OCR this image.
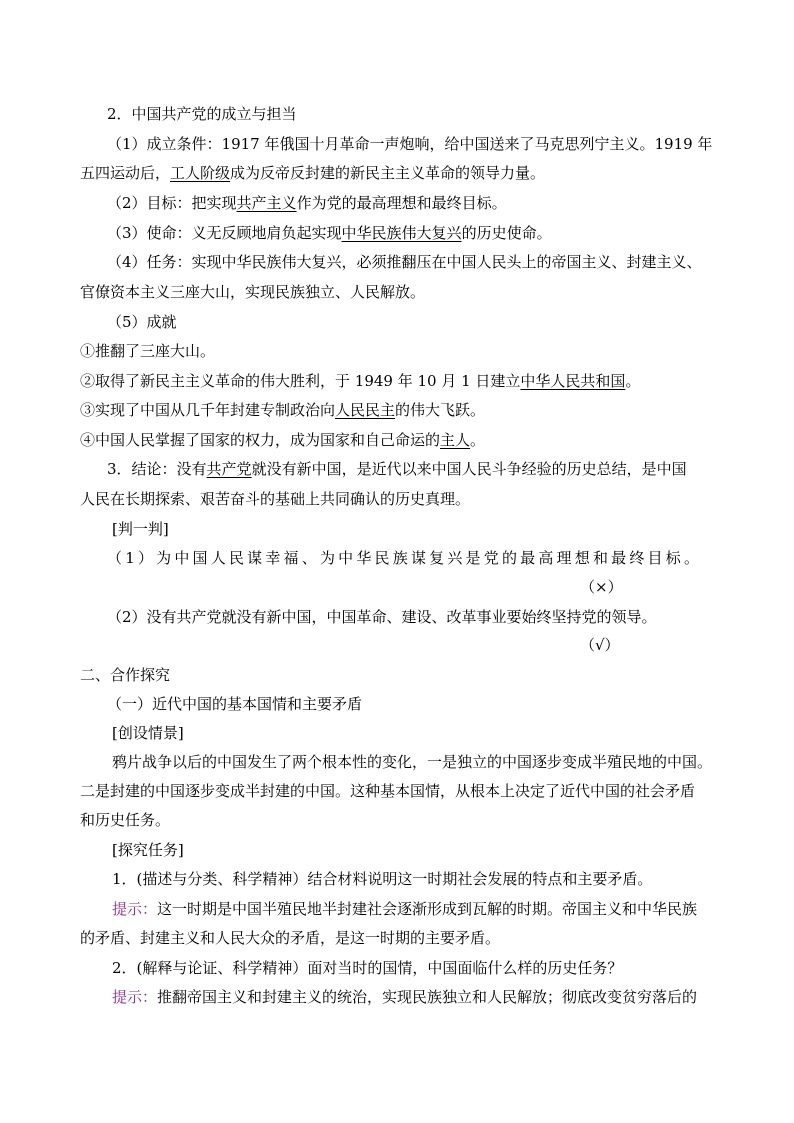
2．中国共产党的成立与担当
（1）成立条件：1917 年俄国十月革命一声炮响，给中国送来了马克思列宁主义。1919 年
五四运动后，工人阶级成为反帝反封建的新民主主义革命的领导力量。
（2）目标：把实现共产主义作为党的最高理想和最终目标。
（3）使命：义无反顾地肩负起实现中华民族伟大复兴的历史使命。
（4）任务：实现中华民族伟大复兴，必须推翻压在中国人民头上的帝国主义、封建主义、
官僚资本主义三座大山，实现民族独立、人民解放。
（5）成就
①推翻了三座大山。
②取得了新民主主义革命的伟大胜利，于 1949 年 10 月 1 日建立中华人民共和国。
③实现了中国从几千年封建专制政治向人民民主的伟大飞跃。
④中国人民掌握了国家的权力，成为国家和自己命运的主人。
3．结论：没有共产党就没有新中国，是近代以来中国人民斗争经验的历史总结，是中国
人民在长期探索、艰苦奋斗的基础上共同确认的历史真理。
[判一判]
（1）为中国人民谋幸福、为中华民族谋复兴是党的最高理想和最终目标。
（×）
（2）没有共产党就没有新中国，中国革命、建设、改革事业要始终坚持党的领导。
（√）
二、合作探究
（一）近代中国的基本国情和主要矛盾
[创设情景]
鸦片战争以后的中国发生了两个根本性的变化，一是独立的中国逐步变成半殖民地的中国。
二是封建的中国逐步变成半封建的中国。这种基本国情，从根本上决定了近代中国的社会矛盾
和历史任务。
[探究任务]
1．(描述与分类、科学精神）结合材料说明这一时期社会发展的特点和主要矛盾。
提示：这一时期是中国半殖民地半封建社会逐渐形成到瓦解的时期。帝国主义和中华民族
的矛盾、封建主义和人民大众的矛盾，是这一时期的主要矛盾。
2．(解释与论证、科学精神）面对当时的国情，中国面临什么样的历史任务？
提示：推翻帝国主义和封建主义的统治，实现民族独立和人民解放；彻底改变贫穷落后的
